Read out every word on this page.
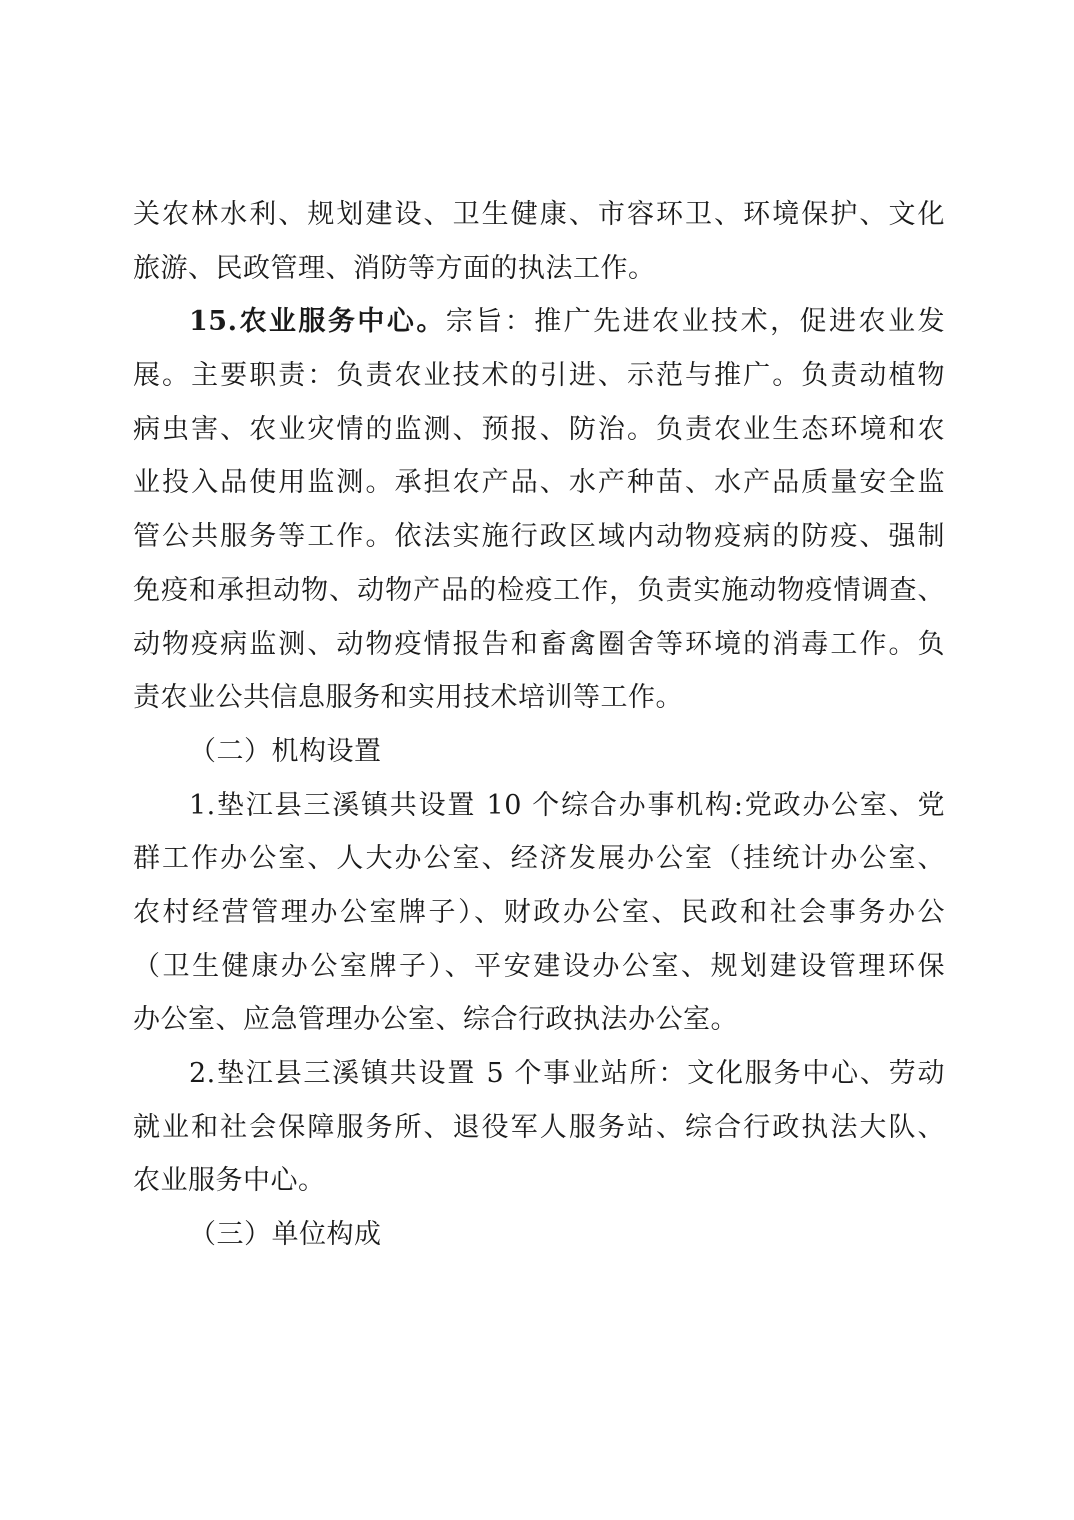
关农林水利、规划建设、卫生健康、市容环卫、环境保护、文化
旅游、民政管理、消防等方面的执法工作。
15.农业服务中心。宗旨：推广先进农业技术，促进农业发
展。主要职责：负责农业技术的引进、示范与推广。负责动植物
病虫害、农业灾情的监测、预报、防治。负责农业生态环境和农
业投入品使用监测。承担农产品、水产种苗、水产品质量安全监
管公共服务等工作。依法实施行政区域内动物疫病的防疫、强制
免疫和承担动物、动物产品的检疫工作，负责实施动物疫情调查、
动物疫病监测、动物疫情报告和畜禽圈舍等环境的消毒工作。负
责农业公共信息服务和实用技术培训等工作。
（二）机构设置
1.垫江县三溪镇共设置 10 个综合办事机构:党政办公室、党
群工作办公室、人大办公室、经济发展办公室（挂统计办公室、
农村经营管理办公室牌子）、财政办公室、民政和社会事务办公
（卫生健康办公室牌子）、平安建设办公室、规划建设管理环保
办公室、应急管理办公室、综合行政执法办公室。
2.垫江县三溪镇共设置 5 个事业站所：文化服务中心、劳动
就业和社会保障服务所、退役军人服务站、综合行政执法大队、
农业服务中心。
（三）单位构成
